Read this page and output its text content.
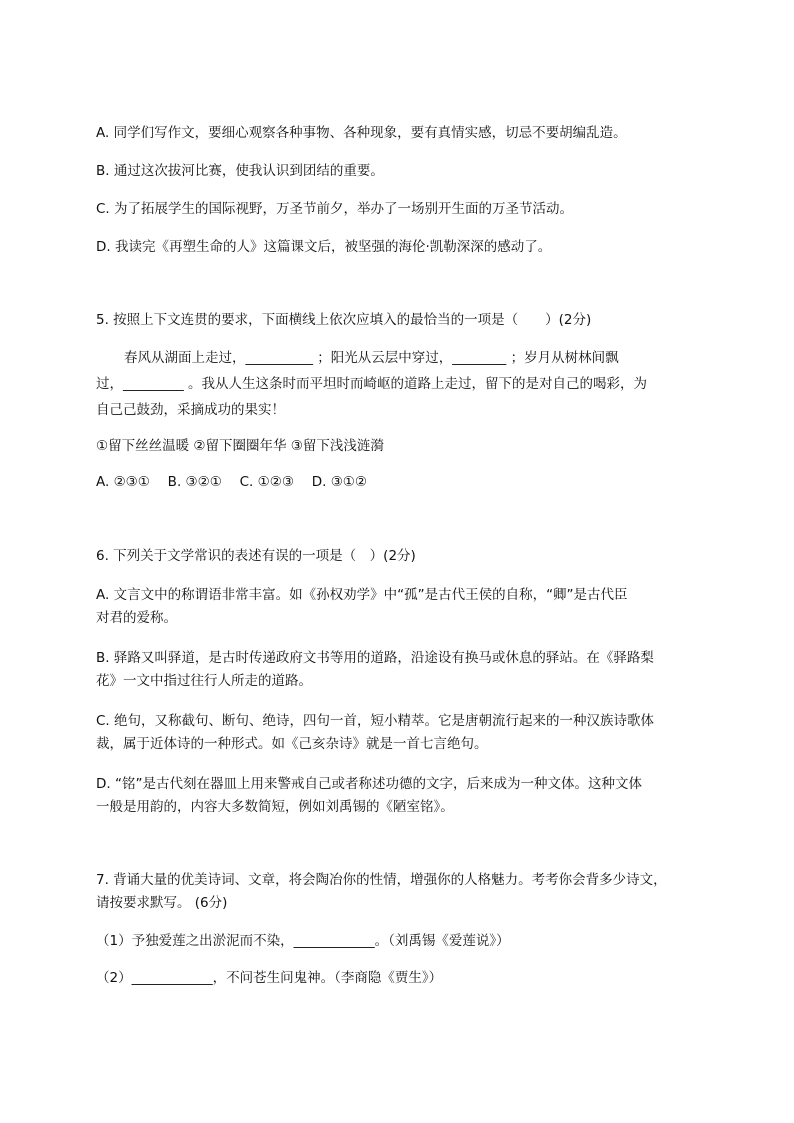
A. 同学们写作文，要细心观察各种事物、各种现象，要有真情实感，切忌不要胡编乱造。
B. 通过这次拔河比赛，使我认识到团结的重要。
C. 为了拓展学生的国际视野，万圣节前夕，举办了一场别开生面的万圣节活动。
D. 我读完《再塑生命的人》这篇课文后，被坚强的海伦·凯勒深深的感动了。
5. 按照上下文连贯的要求，下面横线上依次应填入的最恰当的一项是（　　）(2分)
春风从湖面上走过，__________ ；阳光从云层中穿过，________ ；岁月从树林间飘
过，_________ 。我从人生这条时而平坦时而崎岖的道路上走过，留下的是对自己的喝彩，为
自己己鼓劲，采摘成功的果实！
①留下丝丝温暖 ②留下圈圈年华 ③留下浅浅涟漪
A. ②③①　 B. ③②①　 C. ①②③　 D. ③①②
6. 下列关于文学常识的表述有误的一项是（　）(2分)
A. 文言文中的称谓语非常丰富。如《孙权劝学》中“孤”是古代王侯的自称，“卿”是古代臣
对君的爱称。
B. 驿路又叫驿道，是古时传递政府文书等用的道路，沿途设有换马或休息的驿站。在《驿路梨
花》一文中指过往行人所走的道路。
C. 绝句，又称截句、断句、绝诗，四句一首，短小精萃。它是唐朝流行起来的一种汉族诗歌体
裁，属于近体诗的一种形式。如《己亥杂诗》就是一首七言绝句。
D. “铭”是古代刻在器皿上用来警戒自己或者称述功德的文字，后来成为一种文体。这种文体
一般是用韵的，内容大多数简短，例如刘禹锡的《陋室铭》。
7. 背诵大量的优美诗词、文章，将会陶冶你的性情，增强你的人格魅力。考考你会背多少诗文，
请按要求默写。 (6分)
（1）予独爱莲之出淤泥而不染，____________。（刘禹锡《爱莲说》）
（2）____________，不问苍生问鬼神。（李商隐《贾生》）
